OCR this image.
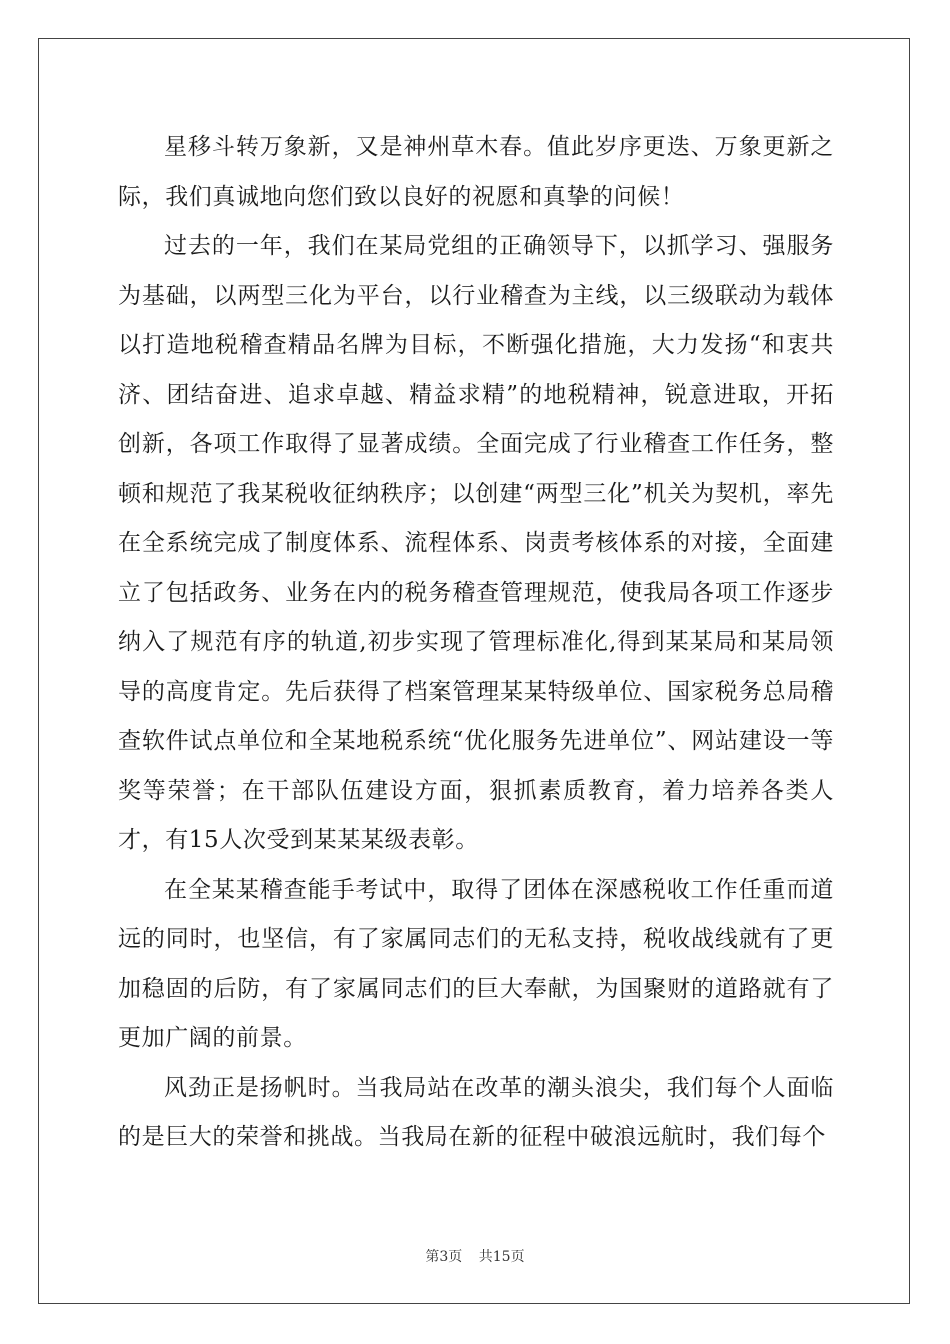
星移斗转万象新，又是神州草木春。值此岁序更迭、万象更新之际，我们真诚地向您们致以良好的祝愿和真挚的问候！

过去的一年，我们在某局党组的正确领导下，以抓学习、强服务为基础，以两型三化为平台，以行业稽查为主线，以三级联动为载体以打造地税稽查精品名牌为目标，不断强化措施，大力发扬“和衷共济、团结奋进、追求卓越、精益求精”的地税精神，锐意进取，开拓创新，各项工作取得了显著成绩。全面完成了行业稽查工作任务，整顿和规范了我某税收征纳秩序；以创建“两型三化”机关为契机，率先在全系统完成了制度体系、流程体系、岗责考核体系的对接，全面建立了包括政务、业务在内的税务稽查管理规范，使我局各项工作逐步纳入了规范有序的轨道,初步实现了管理标准化,得到某某局和某局领导的高度肯定。先后获得了档案管理某某特级单位、国家税务总局稽查软件试点单位和全某地税系统“优化服务先进单位”、网站建设一等奖等荣誉；在干部队伍建设方面，狠抓素质教育，着力培养各类人才，有15人次受到某某某级表彰。

在全某某稽查能手考试中，取得了团体在深感税收工作任重而道远的同时，也坚信，有了家属同志们的无私支持，税收战线就有了更加稳固的后防，有了家属同志们的巨大奉献，为国聚财的道路就有了更加广阔的前景。

风劲正是扬帆时。当我局站在改革的潮头浪尖，我们每个人面临的是巨大的荣誉和挑战。当我局在新的征程中破浪远航时，我们每个

第3页 共15页
